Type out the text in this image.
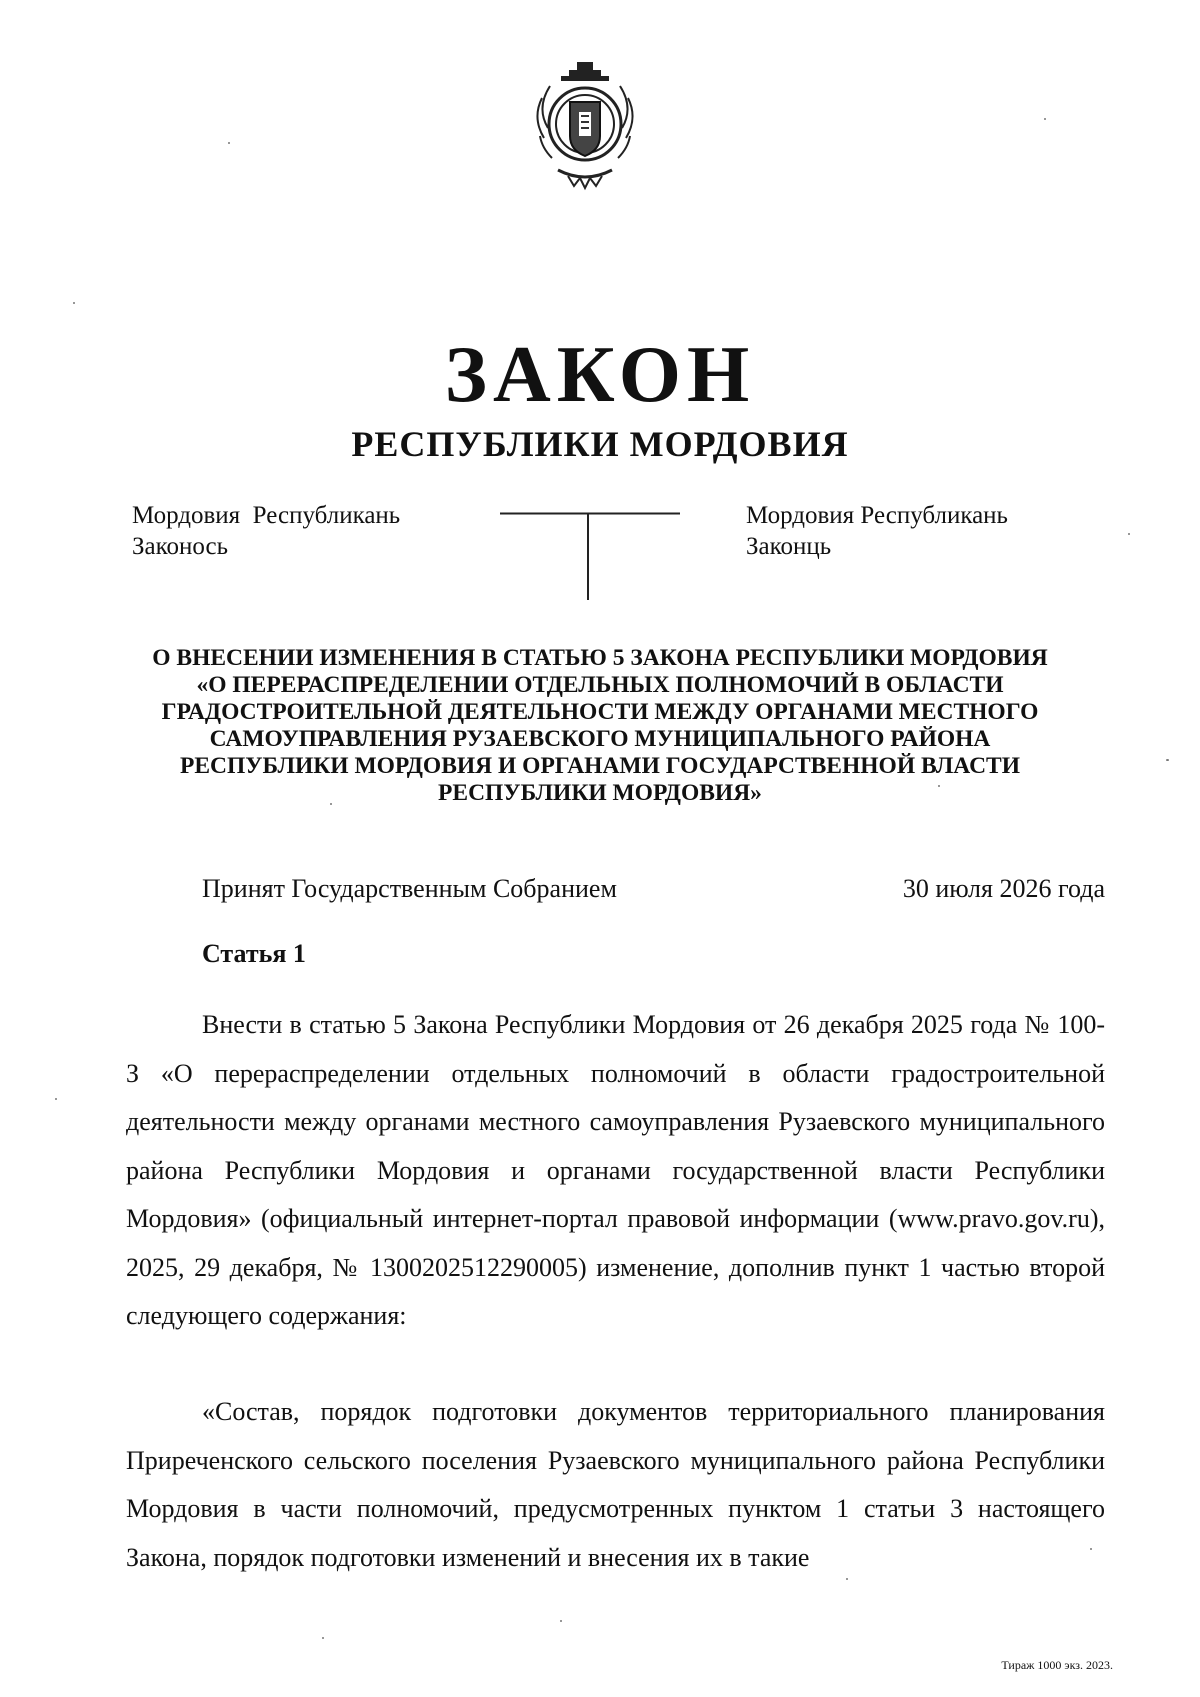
ЗАКОН
РЕСПУБЛИКИ МОРДОВИЯ
Мордовия  Республикань
Законось
Мордовия Республикань
Законць
О ВНЕСЕНИИ ИЗМЕНЕНИЯ В СТАТЬЮ 5 ЗАКОНА РЕСПУБЛИКИ МОРДОВИЯ
«О ПЕРЕРАСПРЕДЕЛЕНИИ ОТДЕЛЬНЫХ ПОЛНОМОЧИЙ В ОБЛАСТИ
ГРАДОСТРОИТЕЛЬНОЙ ДЕЯТЕЛЬНОСТИ МЕЖДУ ОРГАНАМИ МЕСТНОГО
САМОУПРАВЛЕНИЯ РУЗАЕВСКОГО МУНИЦИПАЛЬНОГО РАЙОНА
РЕСПУБЛИКИ МОРДОВИЯ И ОРГАНАМИ ГОСУДАРСТВЕННОЙ ВЛАСТИ
РЕСПУБЛИКИ МОРДОВИЯ»
Принят Государственным Собранием	30 июля 2026 года
Статья 1

Внести в статью 5 Закона Республики Мордовия от 26 декабря 2025 года № 100-З «О перераспределении отдельных полномочий в области градостроительной деятельности между органами местного самоуправления Рузаевского муниципального района Республики Мордовия и органами государственной власти Республики Мордовия» (официальный интернет-портал правовой информации (www.pravo.gov.ru), 2025, 29 декабря, № 1300202512290005) изменение, дополнив пункт 1 частью второй следующего содержания:

«Состав, порядок подготовки документов территориального планирования Приреченского сельского поселения Рузаевского муниципального района Республики Мордовия в части полномочий, предусмотренных пунктом 1 статьи 3 настоящего Закона, порядок подготовки изменений и внесения их в такие

Тираж 1000 экз. 2023.
